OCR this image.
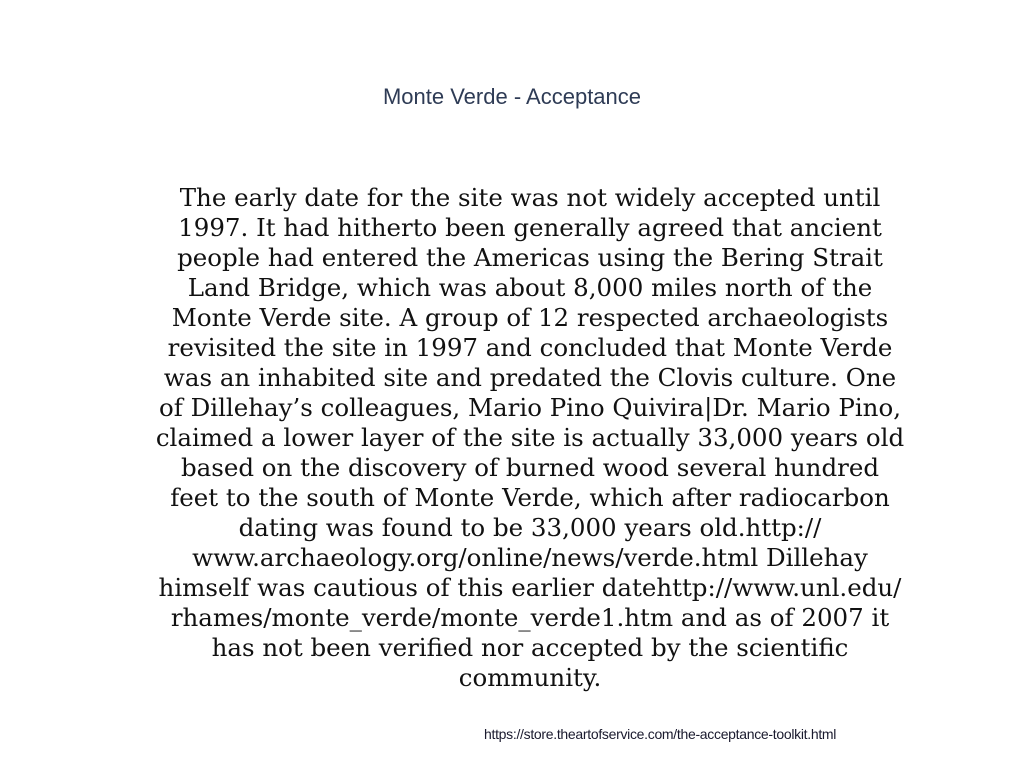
Monte Verde - Acceptance

The early date for the site was not widely accepted until
1997. It had hitherto been generally agreed that ancient
people had entered the Americas using the Bering Strait
Land Bridge, which was about 8,000 miles north of the
Monte Verde site. A group of 12 respected archaeologists
revisited the site in 1997 and concluded that Monte Verde
was an inhabited site and predated the Clovis culture. One
of Dillehay’s colleagues, Mario Pino Quivira|Dr. Mario Pino,
claimed a lower layer of the site is actually 33,000 years old
based on the discovery of burned wood several hundred
feet to the south of Monte Verde, which after radiocarbon
dating was found to be 33,000 years old.http://
www.archaeology.org/online/news/verde.html Dillehay
himself was cautious of this earlier datehttp://www.unl.edu/
rhames/monte_verde/monte_verde1.htm and as of 2007 it
has not been verified nor accepted by the scientific
community.

https://store.theartofservice.com/the-acceptance-toolkit.html
